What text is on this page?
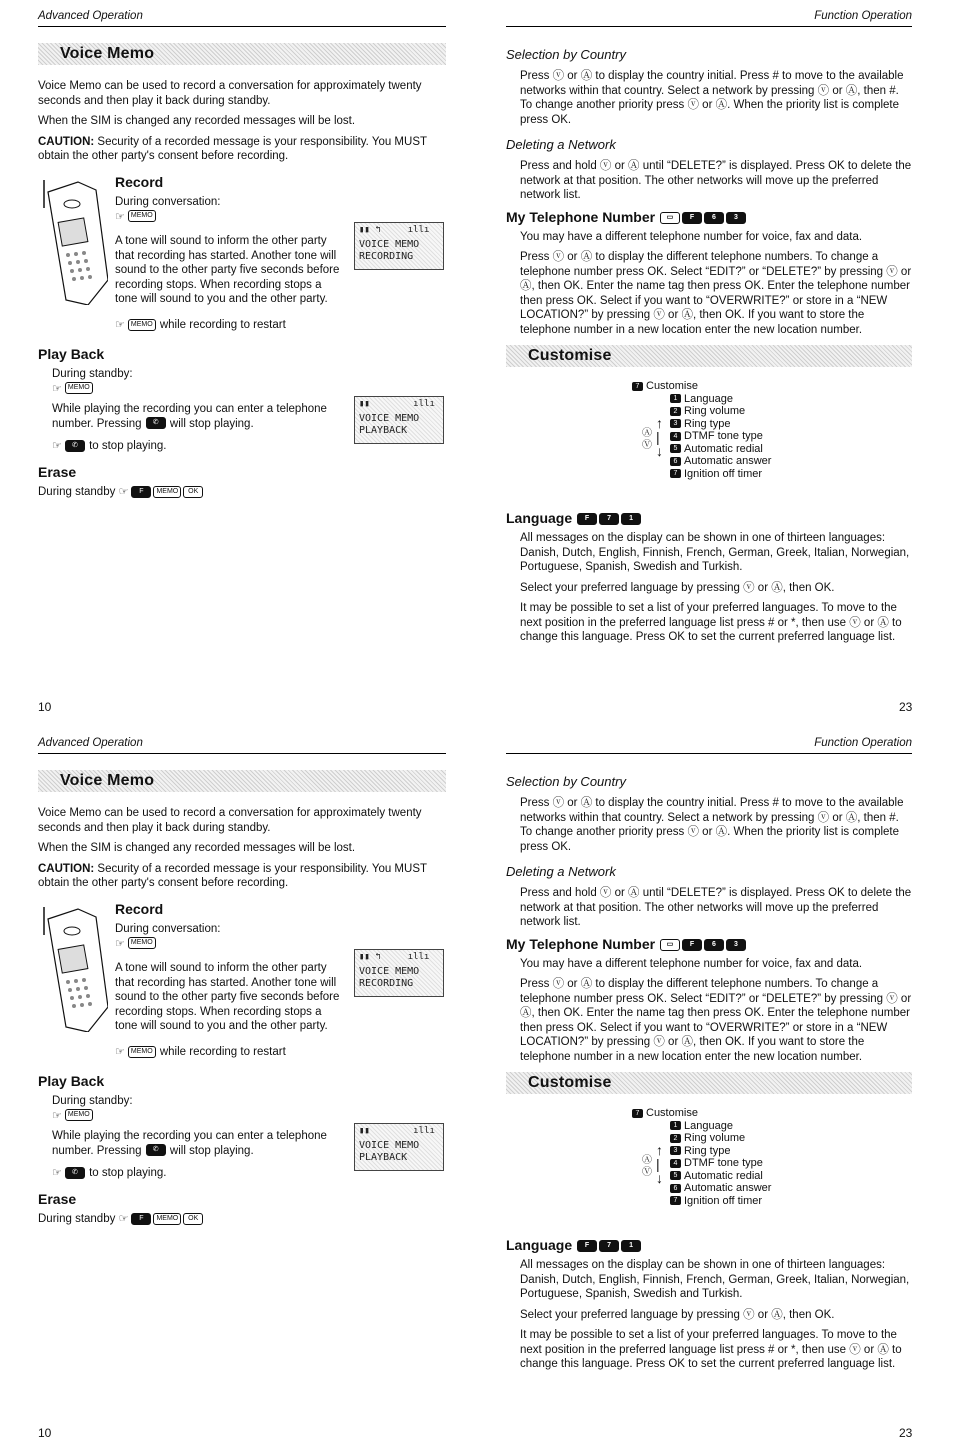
Advanced Operation
Voice Memo

Voice Memo can be used to record a conversation for approximately twenty seconds and then play it back during standby.

When the SIM is changed any recorded messages will be lost.

CAUTION: Security of a recorded message is your responsibility. You MUST obtain the other party's consent before recording.

Record

During conversation:

☞ MEMO

A tone will sound to inform the other party that recording has started. Another tone will sound to the other party five seconds before recording stops. When recording stops a tone will sound to you and the other party.

▮▮ ↰     ıllı
VOICE MEMO
RECORDING

☞ MEMO while recording to restart

Play Back

During standby:

☞ MEMO

While playing the recording you can enter a telephone number. Pressing ✆ will stop playing.

☞ ✆ to stop playing.

▮▮        ıllı
VOICE MEMO
PLAYBACK
Erase

During standby ☞ F MEMO OK

10
Function Operation
Selection by Country

Press ⓥ or Ⓐ to display the country initial. Press # to move to the available networks within that country. Select a network by pressing ⓥ or Ⓐ, then #. To change another priority press ⓥ or Ⓐ. When the priority list is complete press OK.

Deleting a Network

Press and hold ⓥ or Ⓐ until “DELETE?” is displayed. Press OK to delete the network at that position. The other networks will move up the preferred network list.

My Telephone Number ▭ F	6	3

You may have a different telephone number for voice, fax and data.

Press ⓥ or Ⓐ to display the different telephone numbers. To change a telephone number press OK. Select “EDIT?” or “DELETE?” by pressing ⓥ or Ⓐ, then OK. Enter the name tag then press OK. Enter the telephone number then press OK. Select if you want to “OVERWRITE?” or store in a “NEW LOCATION?” by pressing ⓥ or Ⓐ, then OK. If you want to store the telephone number in a new location enter the new location number.

Customise
7 Customise
1 Language
2 Ring volume
3 Ring type
4 DTMF tone type
5 Automatic redial
6 Automatic answer
7 Ignition off timer
Ⓐ
Ⓥ
↑
|
↓
Language F	7	1

All messages on the display can be shown in one of thirteen languages: Danish, Dutch, English, Finnish, French, German, Greek, Italian, Norwegian, Portuguese, Spanish, Swedish and Turkish.

Select your preferred language by pressing ⓥ or Ⓐ, then OK.

It may be possible to set a list of your preferred languages. To move to the next position in the preferred language list press # or *, then use ⓥ or Ⓐ to change this language. Press OK to set the current preferred language list.

23
Advanced Operation
Voice Memo

Voice Memo can be used to record a conversation for approximately twenty seconds and then play it back during standby.

When the SIM is changed any recorded messages will be lost.

CAUTION: Security of a recorded message is your responsibility. You MUST obtain the other party's consent before recording.

Record

During conversation:

☞ MEMO

A tone will sound to inform the other party that recording has started. Another tone will sound to the other party five seconds before recording stops. When recording stops a tone will sound to you and the other party.

▮▮ ↰     ıllı
VOICE MEMO
RECORDING

☞ MEMO while recording to restart

Play Back

During standby:

☞ MEMO

While playing the recording you can enter a telephone number. Pressing ✆ will stop playing.

☞ ✆ to stop playing.

▮▮        ıllı
VOICE MEMO
PLAYBACK
Erase

During standby ☞ F MEMO OK

10
Function Operation
Selection by Country

Press ⓥ or Ⓐ to display the country initial. Press # to move to the available networks within that country. Select a network by pressing ⓥ or Ⓐ, then #. To change another priority press ⓥ or Ⓐ. When the priority list is complete press OK.

Deleting a Network

Press and hold ⓥ or Ⓐ until “DELETE?” is displayed. Press OK to delete the network at that position. The other networks will move up the preferred network list.

My Telephone Number ▭ F	6	3

You may have a different telephone number for voice, fax and data.

Press ⓥ or Ⓐ to display the different telephone numbers. To change a telephone number press OK. Select “EDIT?” or “DELETE?” by pressing ⓥ or Ⓐ, then OK. Enter the name tag then press OK. Enter the telephone number then press OK. Select if you want to “OVERWRITE?” or store in a “NEW LOCATION?” by pressing ⓥ or Ⓐ, then OK. If you want to store the telephone number in a new location enter the new location number.

Customise
7 Customise
1 Language
2 Ring volume
3 Ring type
4 DTMF tone type
5 Automatic redial
6 Automatic answer
7 Ignition off timer
Ⓐ
Ⓥ
↑
|
↓
Language F	7	1

All messages on the display can be shown in one of thirteen languages: Danish, Dutch, English, Finnish, French, German, Greek, Italian, Norwegian, Portuguese, Spanish, Swedish and Turkish.

Select your preferred language by pressing ⓥ or Ⓐ, then OK.

It may be possible to set a list of your preferred languages. To move to the next position in the preferred language list press # or *, then use ⓥ or Ⓐ to change this language. Press OK to set the current preferred language list.

23
